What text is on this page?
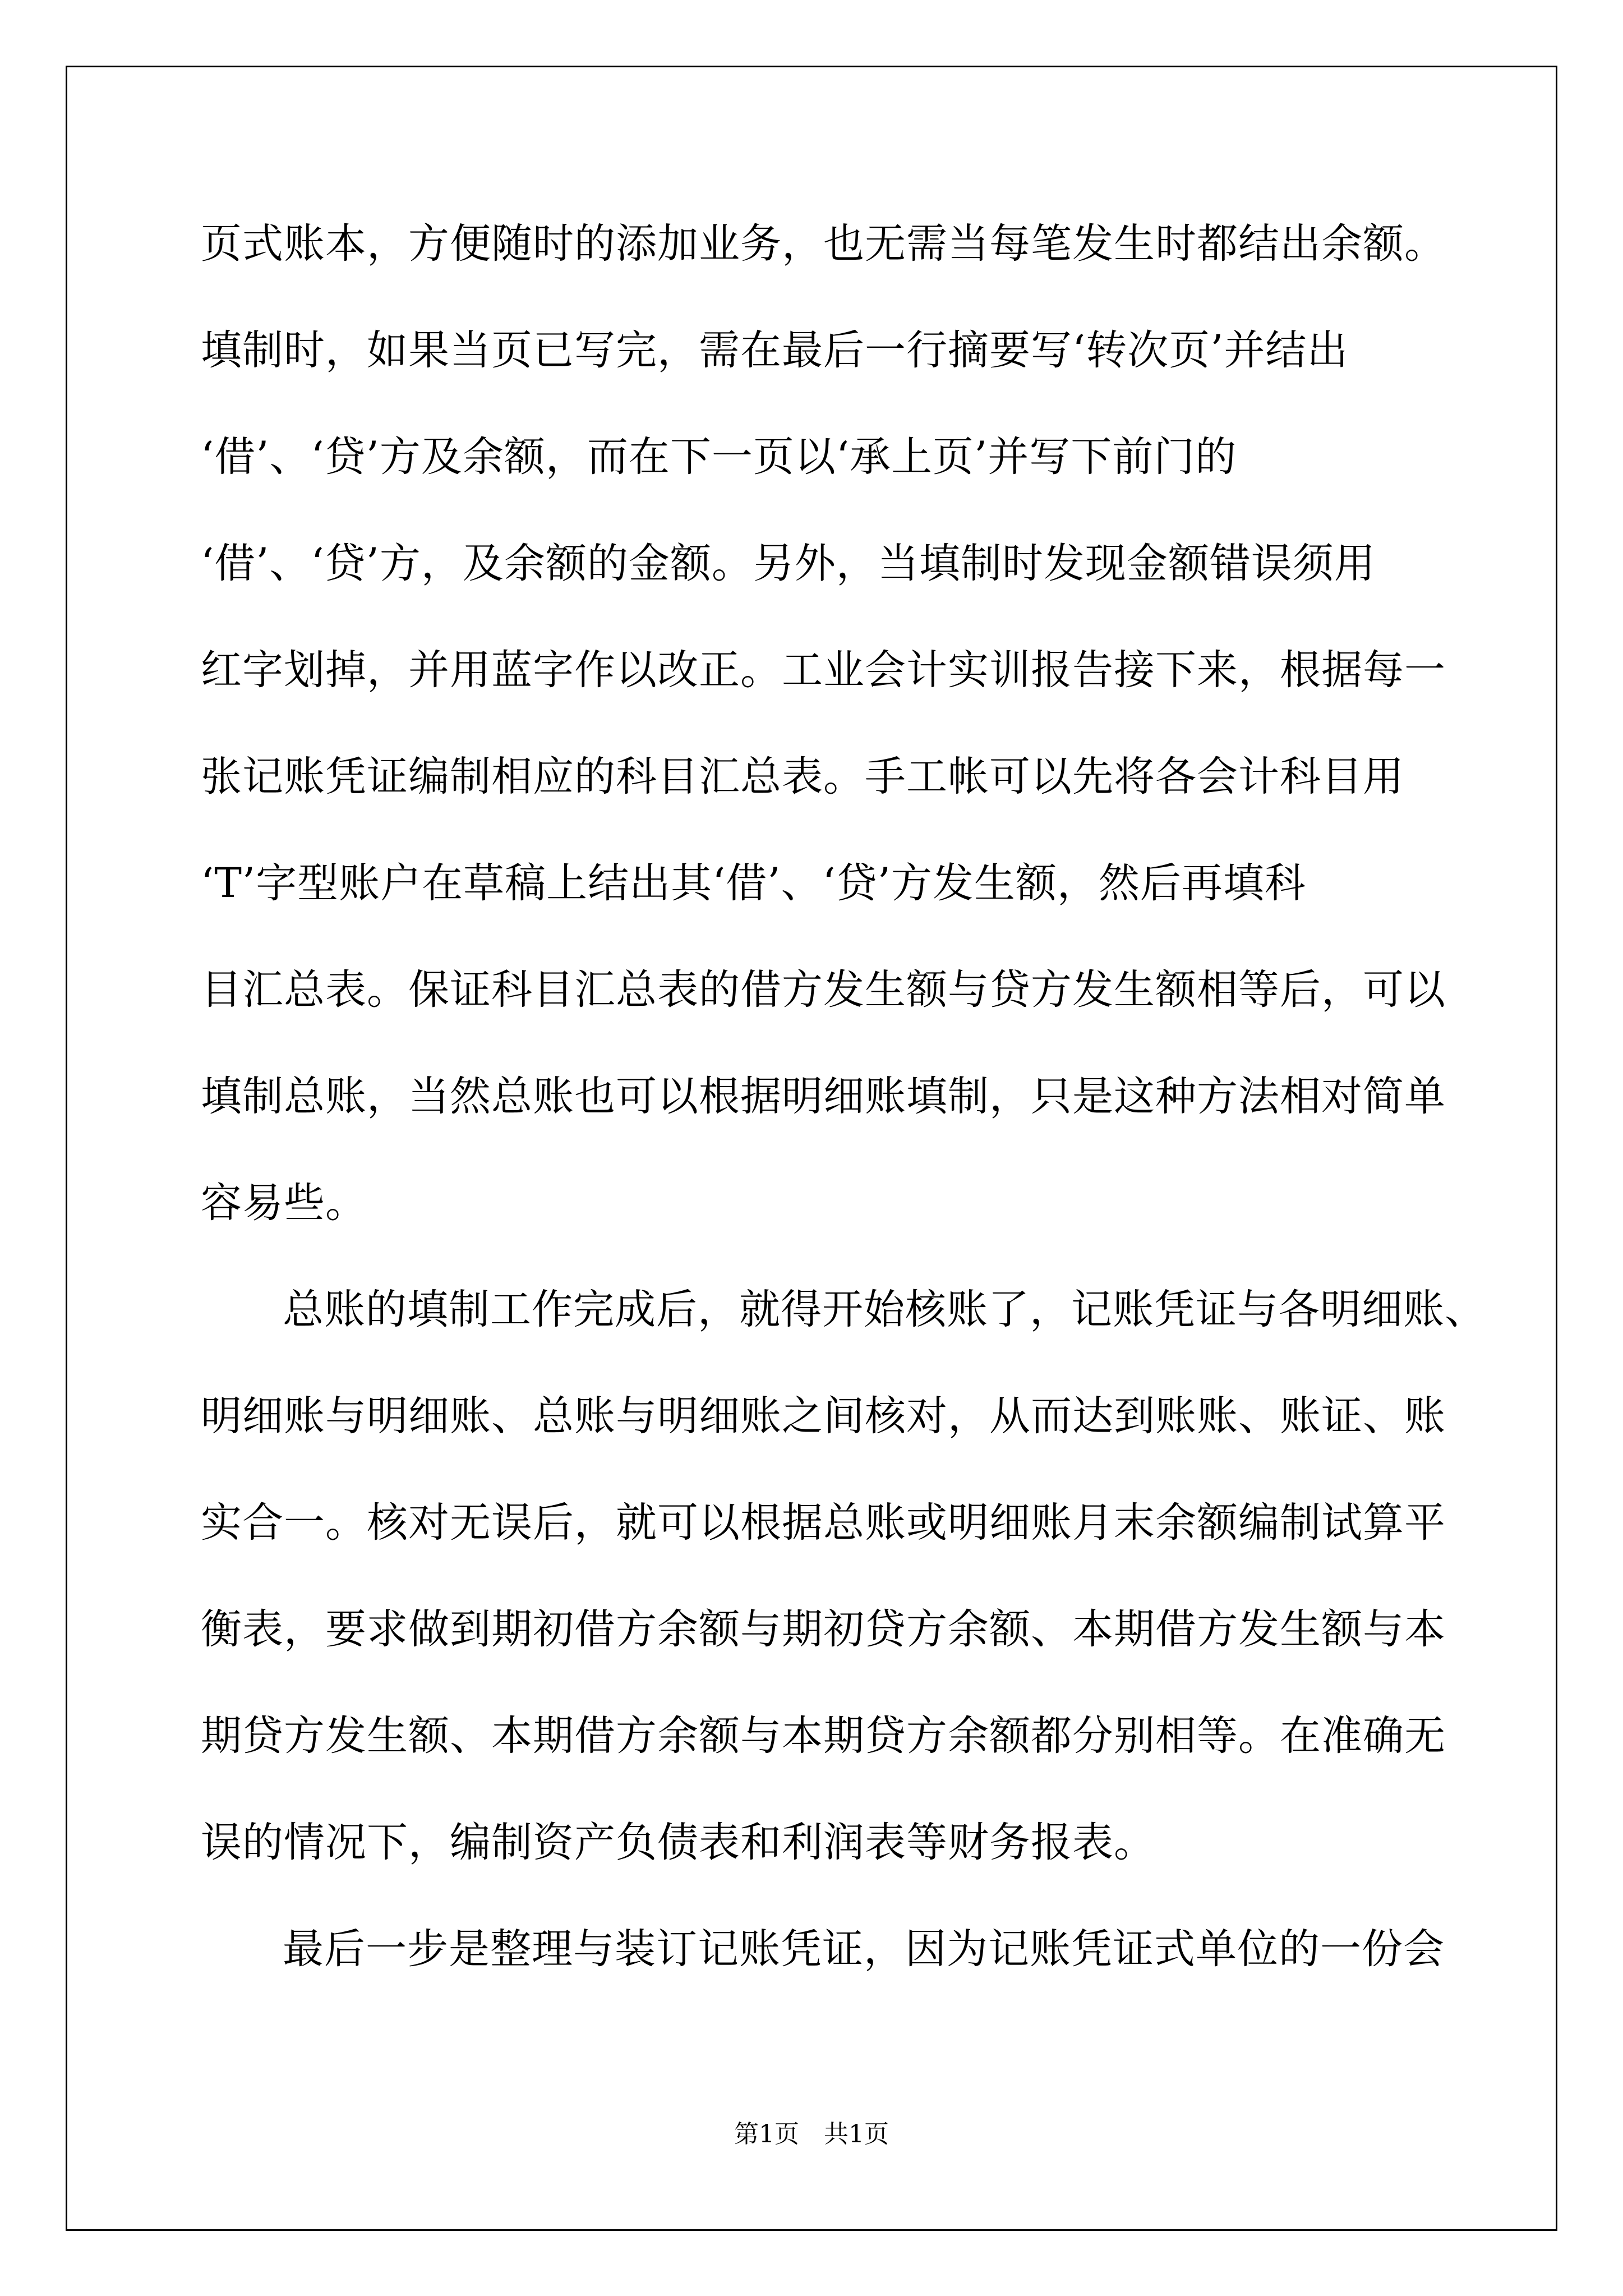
页式账本，方便随时的添加业务，也无需当每笔发生时都结出余额。
填制时，如果当页已写完，需在最后一行摘要写‘转次页’并结出
‘借’、‘贷’方及余额，而在下一页以‘承上页’并写下前门的
‘借’、‘贷’方，及余额的金额。另外，当填制时发现金额错误须用
红字划掉，并用蓝字作以改正。工业会计实训报告接下来，根据每一
张记账凭证编制相应的科目汇总表。手工帐可以先将各会计科目用
‘T’字型账户在草稿上结出其‘借’、‘贷’方发生额，然后再填科
目汇总表。保证科目汇总表的借方发生额与贷方发生额相等后，可以
填制总账，当然总账也可以根据明细账填制，只是这种方法相对简单
容易些。
总账的填制工作完成后，就得开始核账了，记账凭证与各明细账、
明细账与明细账、总账与明细账之间核对，从而达到账账、账证、账
实合一。核对无误后，就可以根据总账或明细账月末余额编制试算平
衡表，要求做到期初借方余额与期初贷方余额、本期借方发生额与本
期贷方发生额、本期借方余额与本期贷方余额都分别相等。在准确无
误的情况下，编制资产负债表和利润表等财务报表。
最后一步是整理与装订记账凭证，因为记账凭证式单位的一份会
第1页　共1页
